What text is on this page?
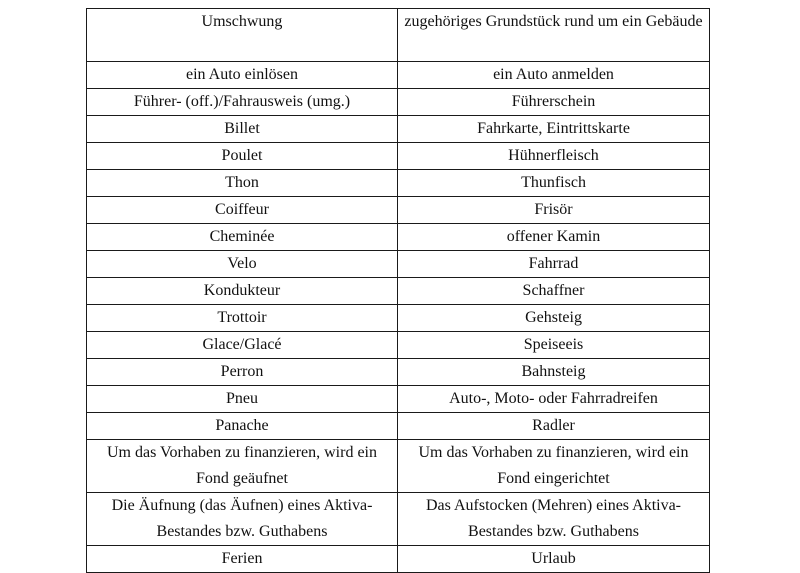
Umschwung	zugehöriges Grundstück rund um ein Gebäude
ein Auto einlösen	ein Auto anmelden
Führer- (off.)/Fahrausweis (umg.)	Führerschein
Billet	Fahrkarte, Eintrittskarte
Poulet	Hühnerfleisch
Thon	Thunfisch
Coiffeur	Frisör
Cheminée	offener Kamin
Velo	Fahrrad
Kondukteur	Schaffner
Trottoir	Gehsteig
Glace/Glacé	Speiseeis
Perron	Bahnsteig
Pneu	Auto-, Moto- oder Fahrradreifen
Panache	Radler
Um das Vorhaben zu finanzieren, wird ein Fond geäufnet	Um das Vorhaben zu finanzieren, wird ein Fond eingerichtet
Die Äufnung (das Äufnen) eines Aktiva-Bestandes bzw. Guthabens	Das Aufstocken (Mehren) eines Aktiva-Bestandes bzw. Guthabens
Ferien	Urlaub
